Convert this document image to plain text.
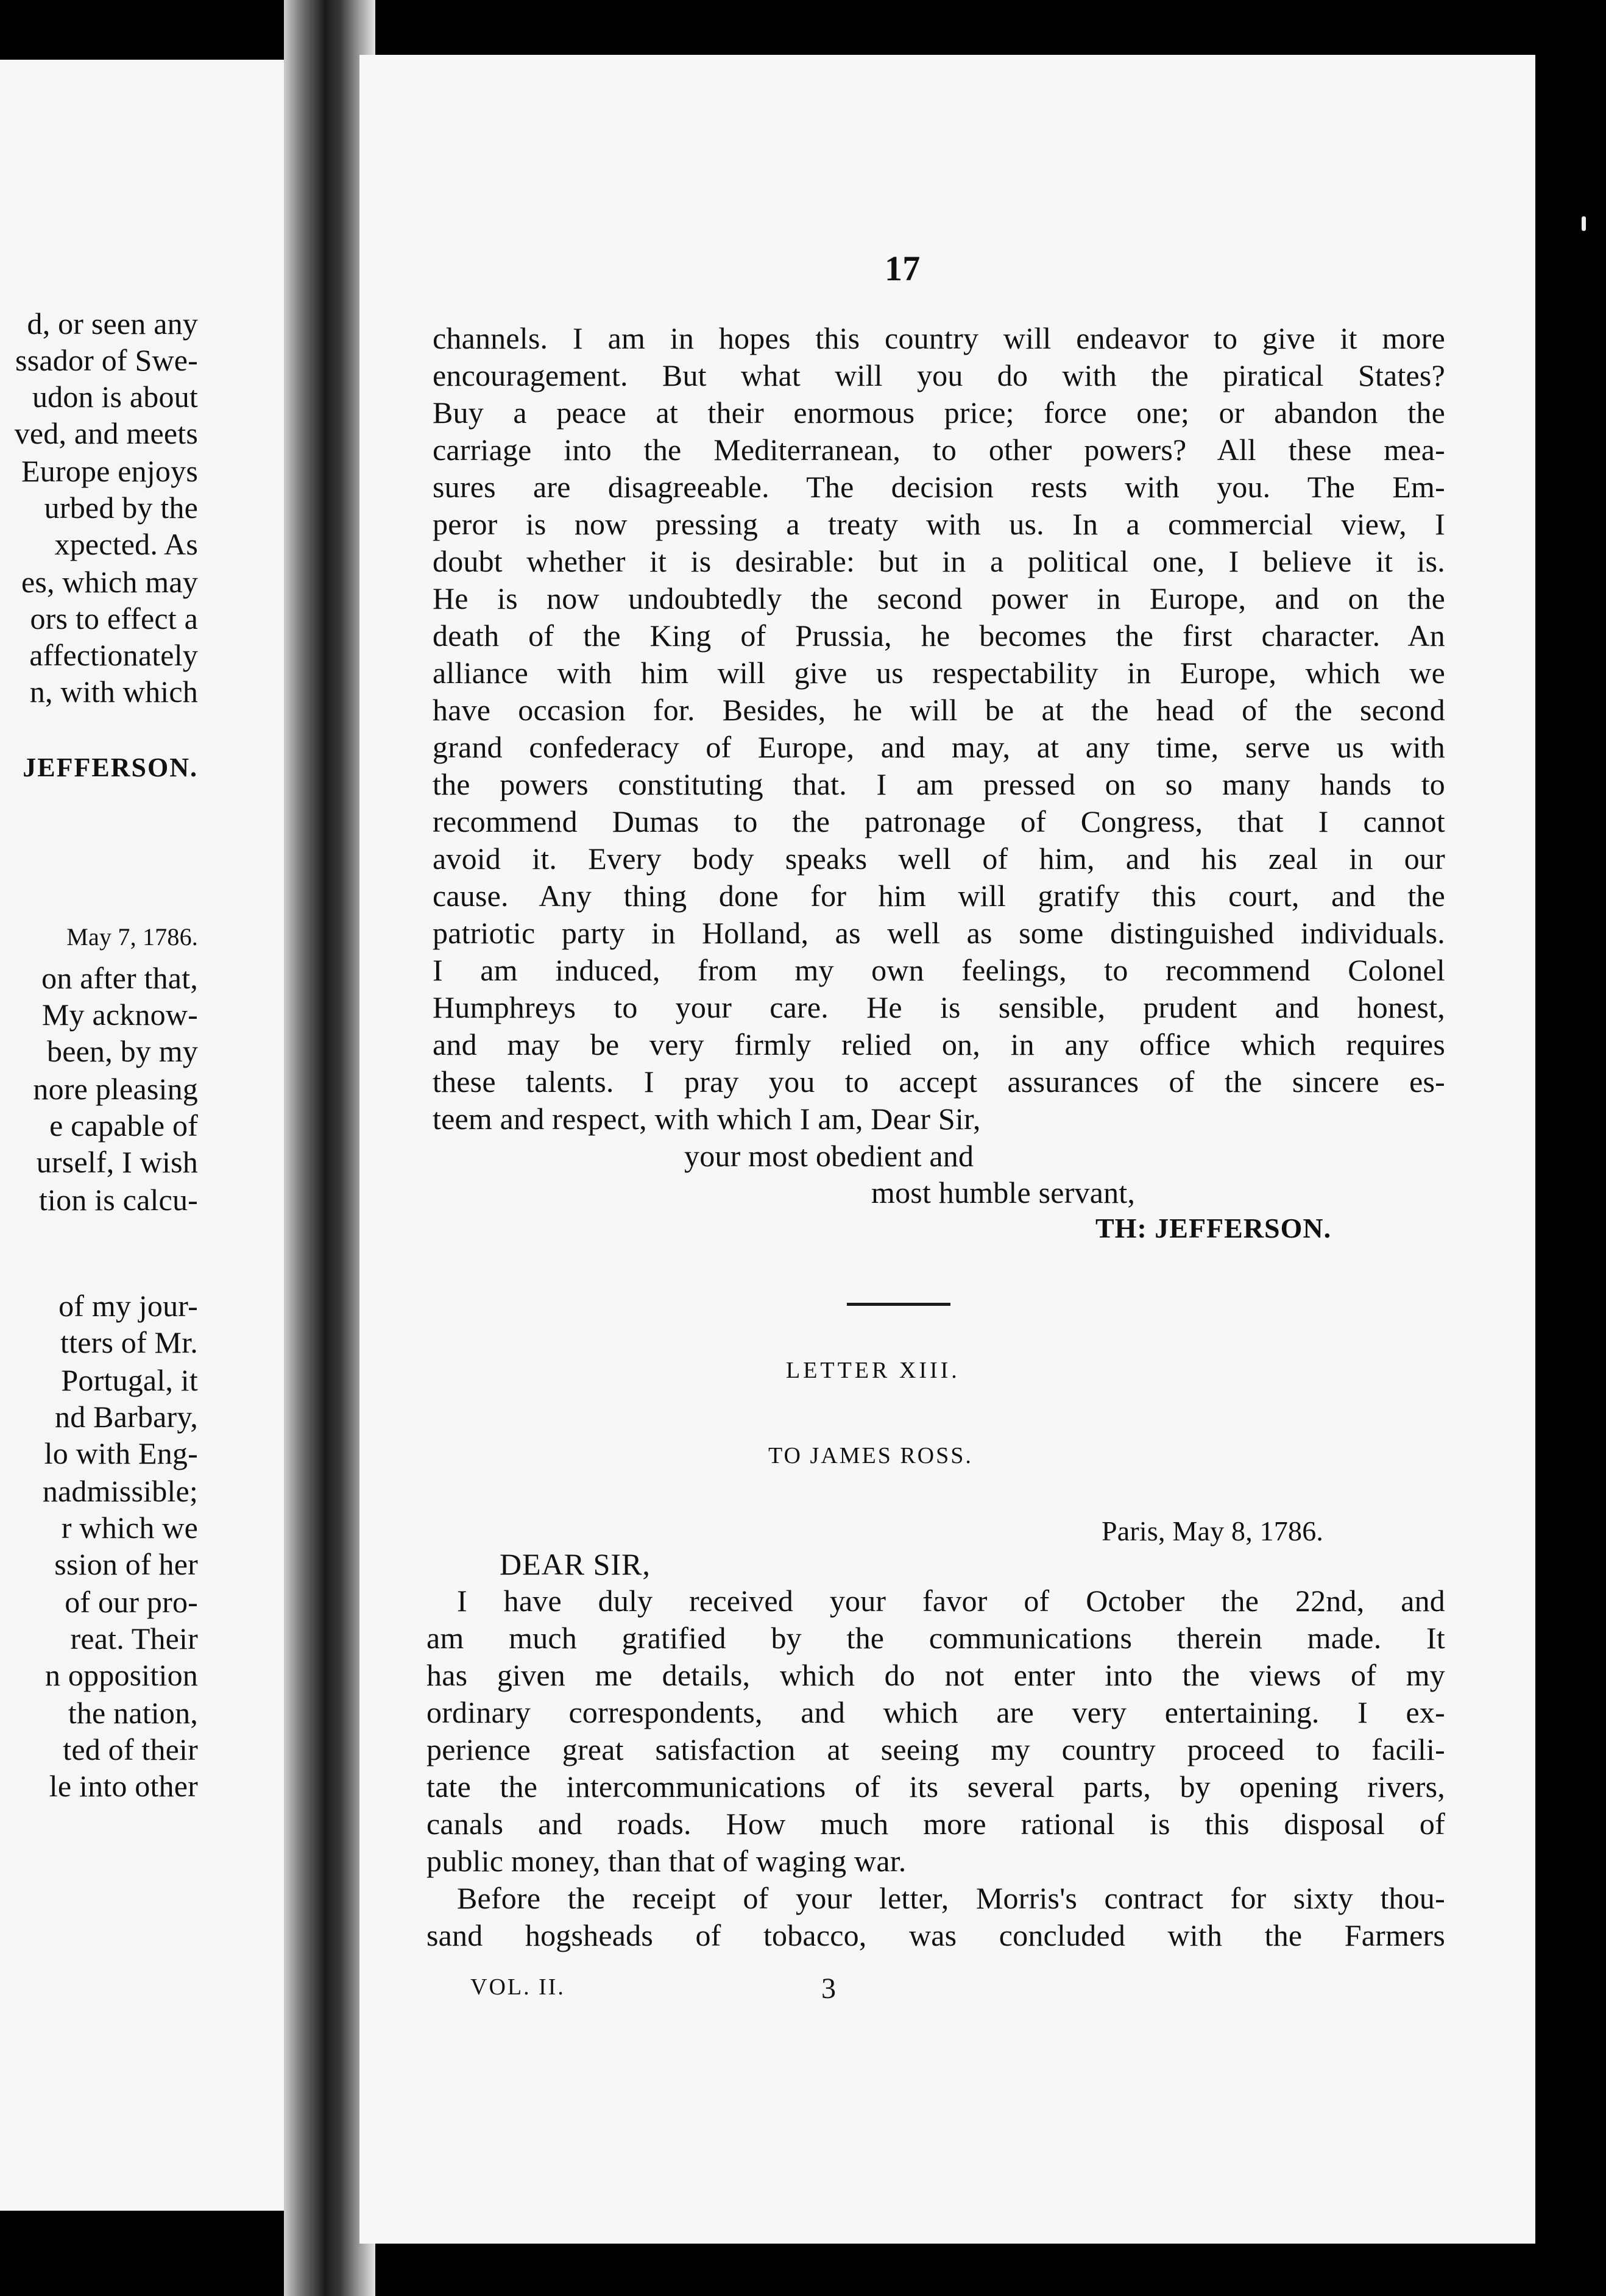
d, or seen any
ssador of Swe-
udon is about
ved, and meets
Europe enjoys
urbed by the
xpected. As
es, which may
ors to effect a
affectionately
n, with which
JEFFERSON.
May 7, 1786.
on after that,
My acknow-
been, by my
nore pleasing
e capable of
urself, I wish
tion is calcu-
of my jour-
tters of Mr.
Portugal, it
nd Barbary,
lo with Eng-
nadmissible;
r which we
ssion of her
of our pro-
reat. Their
n opposition
the nation,
ted of their
le into other
17
channels. I am in hopes this country will endeavor to give it more
encouragement. But what will you do with the piratical States?
Buy a peace at their enormous price; force one; or abandon the
carriage into the Mediterranean, to other powers? All these mea-
sures are disagreeable. The decision rests with you. The Em-
peror is now pressing a treaty with us. In a commercial view, I
doubt whether it is desirable: but in a political one, I believe it is.
He is now undoubtedly the second power in Europe, and on the
death of the King of Prussia, he becomes the first character. An
alliance with him will give us respectability in Europe, which we
have occasion for. Besides, he will be at the head of the second
grand confederacy of Europe, and may, at any time, serve us with
the powers constituting that. I am pressed on so many hands to
recommend Dumas to the patronage of Congress, that I cannot
avoid it. Every body speaks well of him, and his zeal in our
cause. Any thing done for him will gratify this court, and the
patriotic party in Holland, as well as some distinguished individuals.
I am induced, from my own feelings, to recommend Colonel
Humphreys to your care. He is sensible, prudent and honest,
and may be very firmly relied on, in any office which requires
these talents. I pray you to accept assurances of the sincere es-
teem and respect, with which I am, Dear Sir,
your most obedient and
most humble servant,
TH: JEFFERSON.
LETTER XIII.
TO JAMES ROSS.
Paris, May 8, 1786.
DEAR SIR,
I have duly received your favor of October the 22nd, and
am much gratified by the communications therein made. It
has given me details, which do not enter into the views of my
ordinary correspondents, and which are very entertaining. I ex-
perience great satisfaction at seeing my country proceed to facili-
tate the intercommunications of its several parts, by opening rivers,
canals and roads. How much more rational is this disposal of
public money, than that of waging war.
Before the receipt of your letter, Morris's contract for sixty thou-
sand hogsheads of tobacco, was concluded with the Farmers
VOL. II.	3
